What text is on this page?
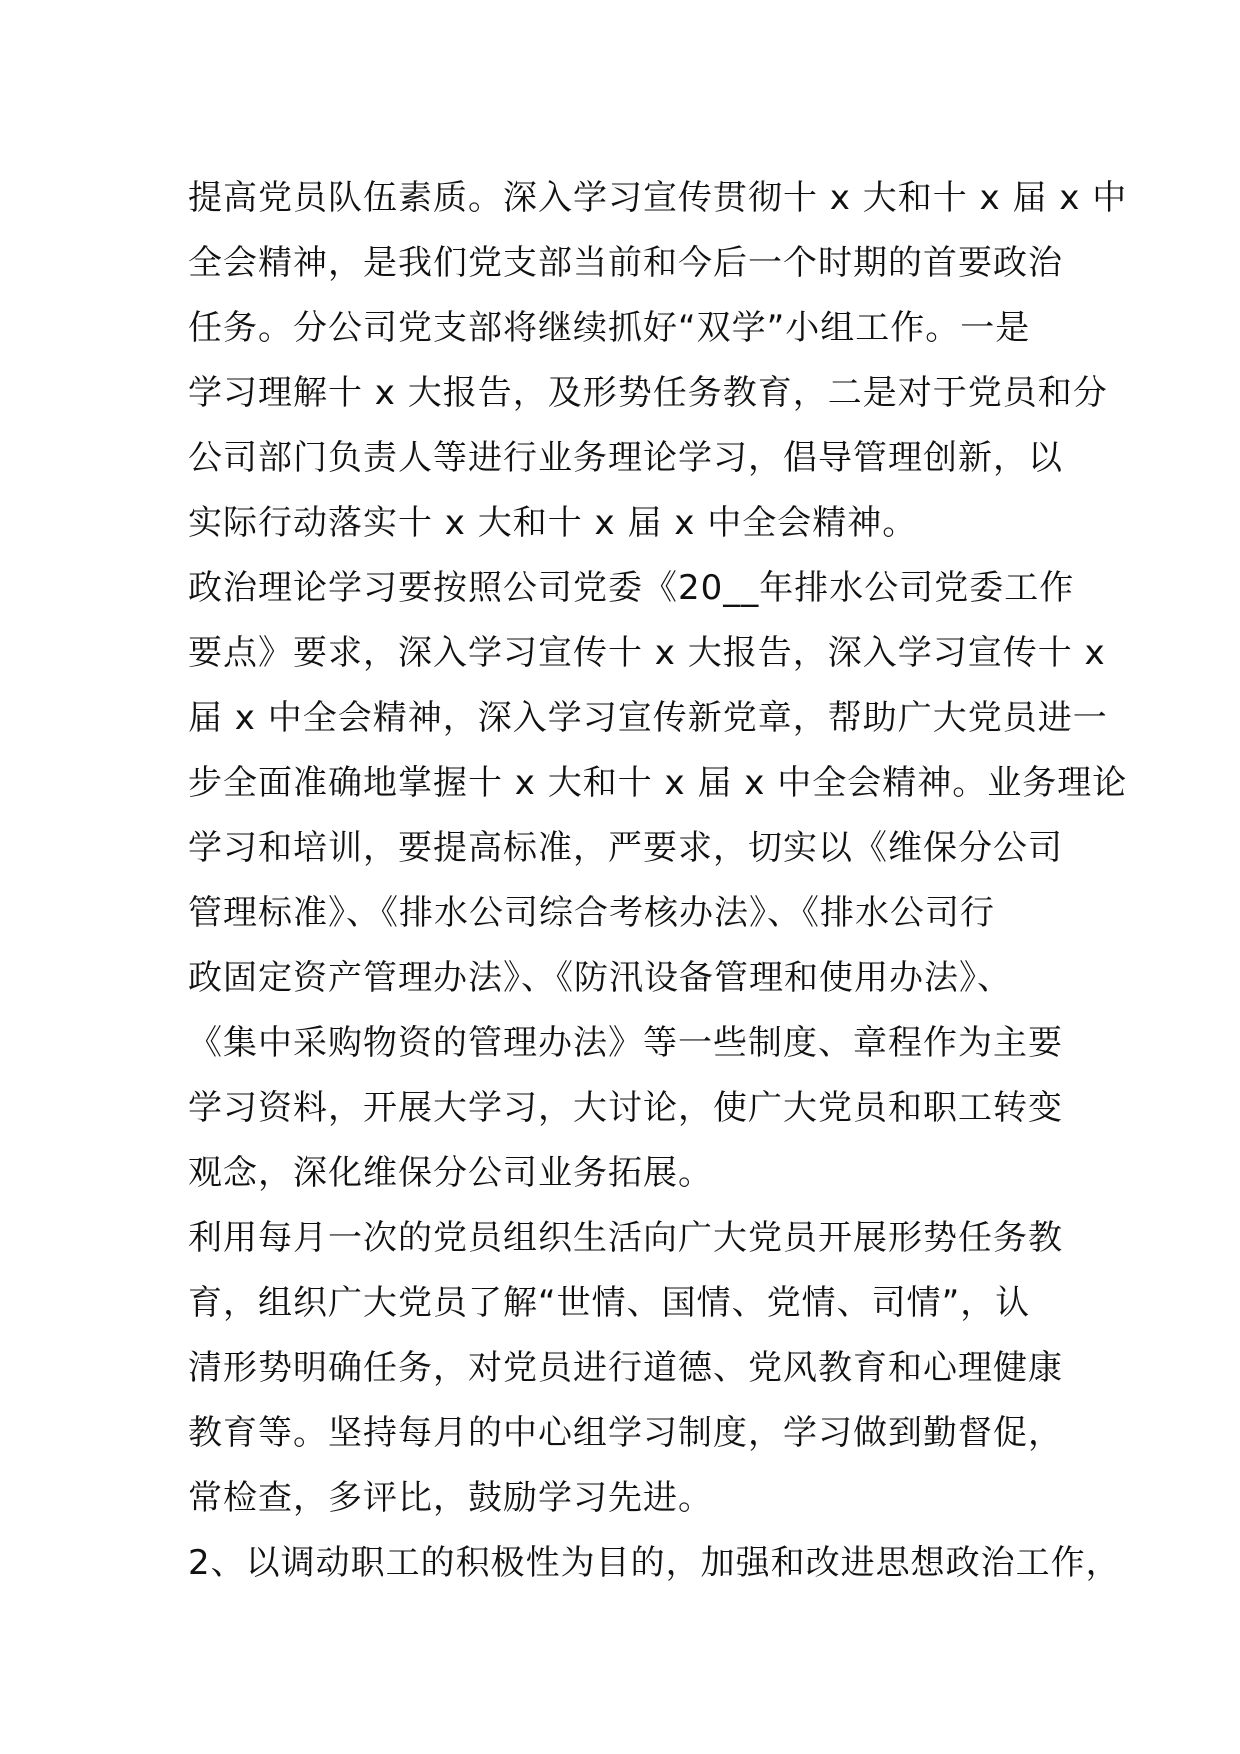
提高党员队伍素质。深入学习宣传贯彻十 x 大和十 x 届 x 中

全会精神，是我们党支部当前和今后一个时期的首要政治

任务。分公司党支部将继续抓好“双学”小组工作。一是

学习理解十 x 大报告，及形势任务教育，二是对于党员和分

公司部门负责人等进行业务理论学习，倡导管理创新，以

实际行动落实十 x 大和十 x 届 x 中全会精神。

政治理论学习要按照公司党委《20__年排水公司党委工作

要点》要求，深入学习宣传十 x 大报告，深入学习宣传十 x

届 x 中全会精神，深入学习宣传新党章，帮助广大党员进一

步全面准确地掌握十 x 大和十 x 届 x 中全会精神。业务理论

学习和培训，要提高标准，严要求，切实以《维保分公司

管理标准》、《排水公司综合考核办法》、《排水公司行

政固定资产管理办法》、《防汛设备管理和使用办法》、

《集中采购物资的管理办法》等一些制度、章程作为主要

学习资料，开展大学习，大讨论，使广大党员和职工转变

观念，深化维保分公司业务拓展。

利用每月一次的党员组织生活向广大党员开展形势任务教

育，组织广大党员了解“世情、国情、党情、司情”，认

清形势明确任务，对党员进行道德、党风教育和心理健康

教育等。坚持每月的中心组学习制度，学习做到勤督促，

常检查，多评比，鼓励学习先进。

2、以调动职工的积极性为目的，加强和改进思想政治工作，
